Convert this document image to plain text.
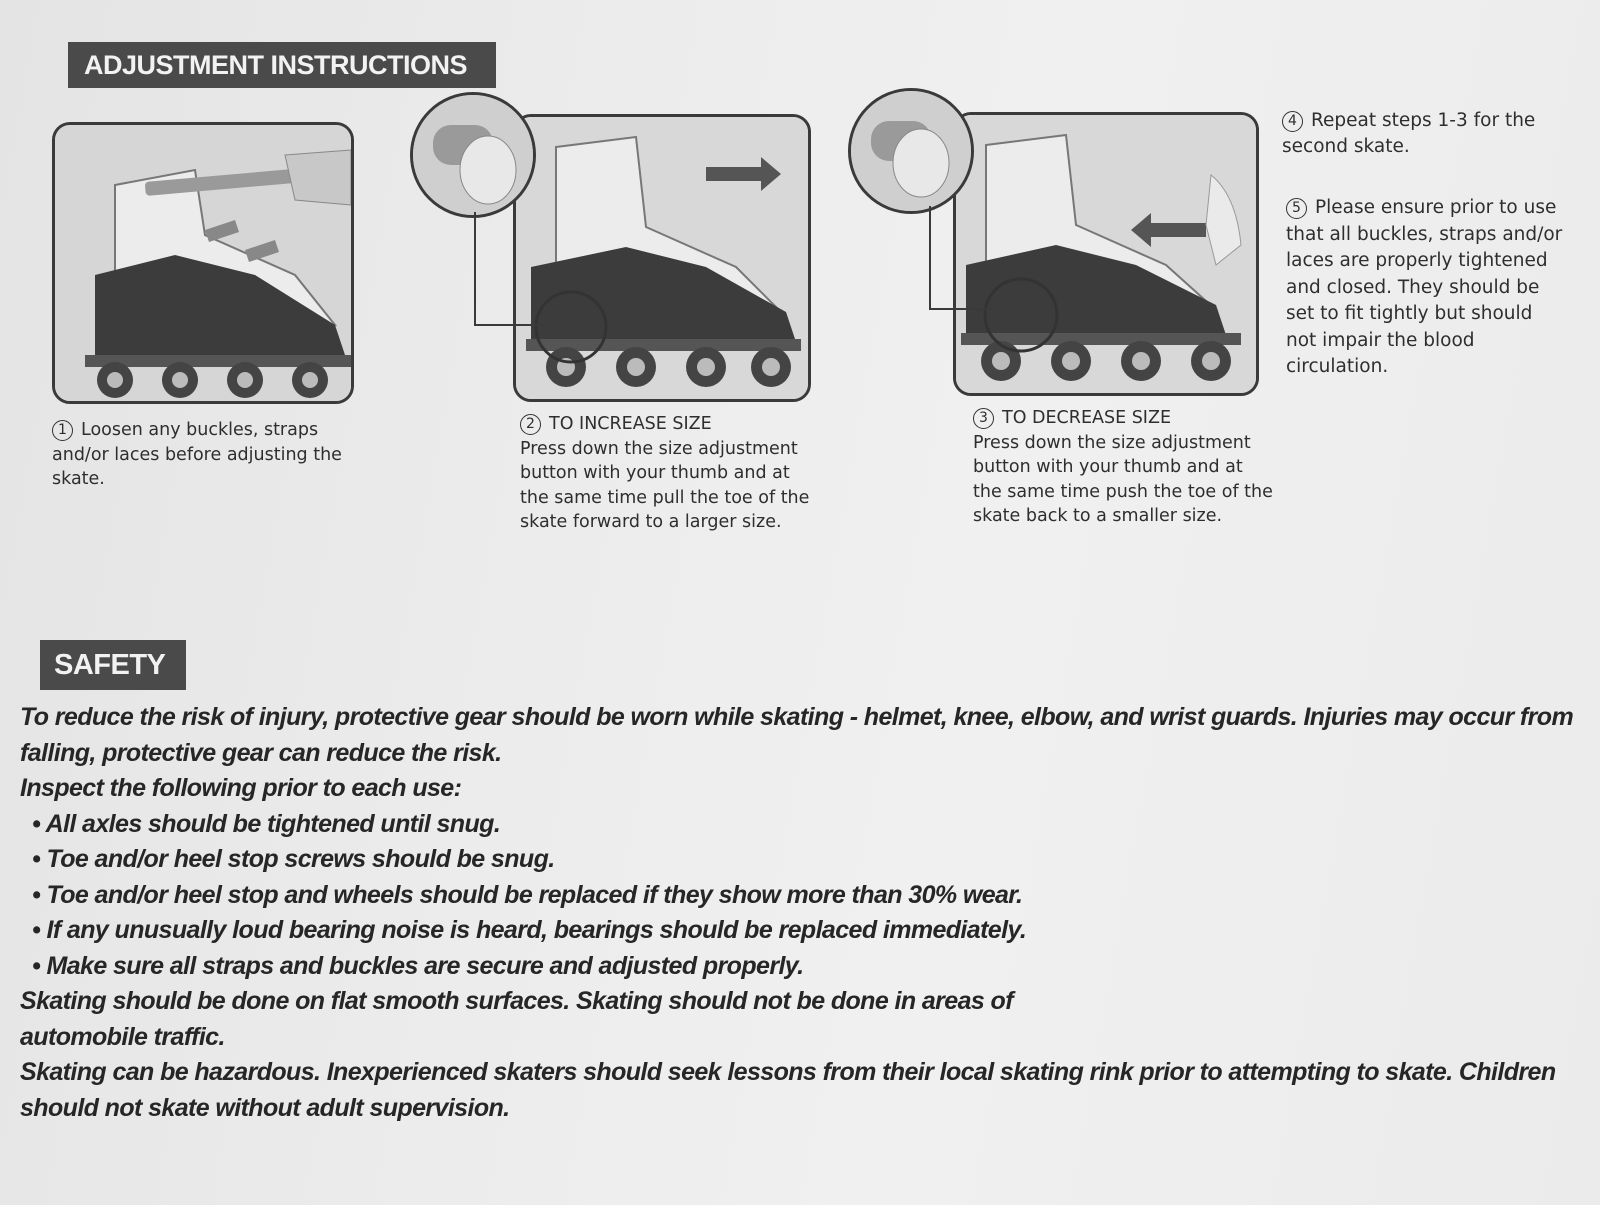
ADJUSTMENT INSTRUCTIONS
1 Loosen any buckles, straps and/or laces before adjusting the skate.
2 TO INCREASE SIZE
Press down the size adjustment button with your thumb and at the same time pull the toe of the skate forward to a larger size.
3 TO DECREASE SIZE
Press down the size adjustment button with your thumb and at the same time push the toe of the skate back to a smaller size.
4 Repeat steps 1-3 for the second skate.
5 Please ensure prior to use that all buckles, straps and/or laces are properly tightened and closed. They should be set to fit tightly but should not impair the blood circulation.
SAFETY

To reduce the risk of injury, protective gear should be worn while skating - helmet, knee, elbow, and wrist guards. Injuries may occur from falling, protective gear can reduce the risk.

Inspect the following prior to each use:

• All axles should be tightened until snug.

• Toe and/or heel stop screws should be snug.

• Toe and/or heel stop and wheels should be replaced if they show more than 30% wear.

• If any unusually loud bearing noise is heard, bearings should be replaced immediately.

• Make sure all straps and buckles are secure and adjusted properly.

Skating should be done on flat smooth surfaces. Skating should not be done in areas of automobile traffic.

Skating can be hazardous. Inexperienced skaters should seek lessons from their local skating rink prior to attempting to skate. Children should not skate without adult supervision.
